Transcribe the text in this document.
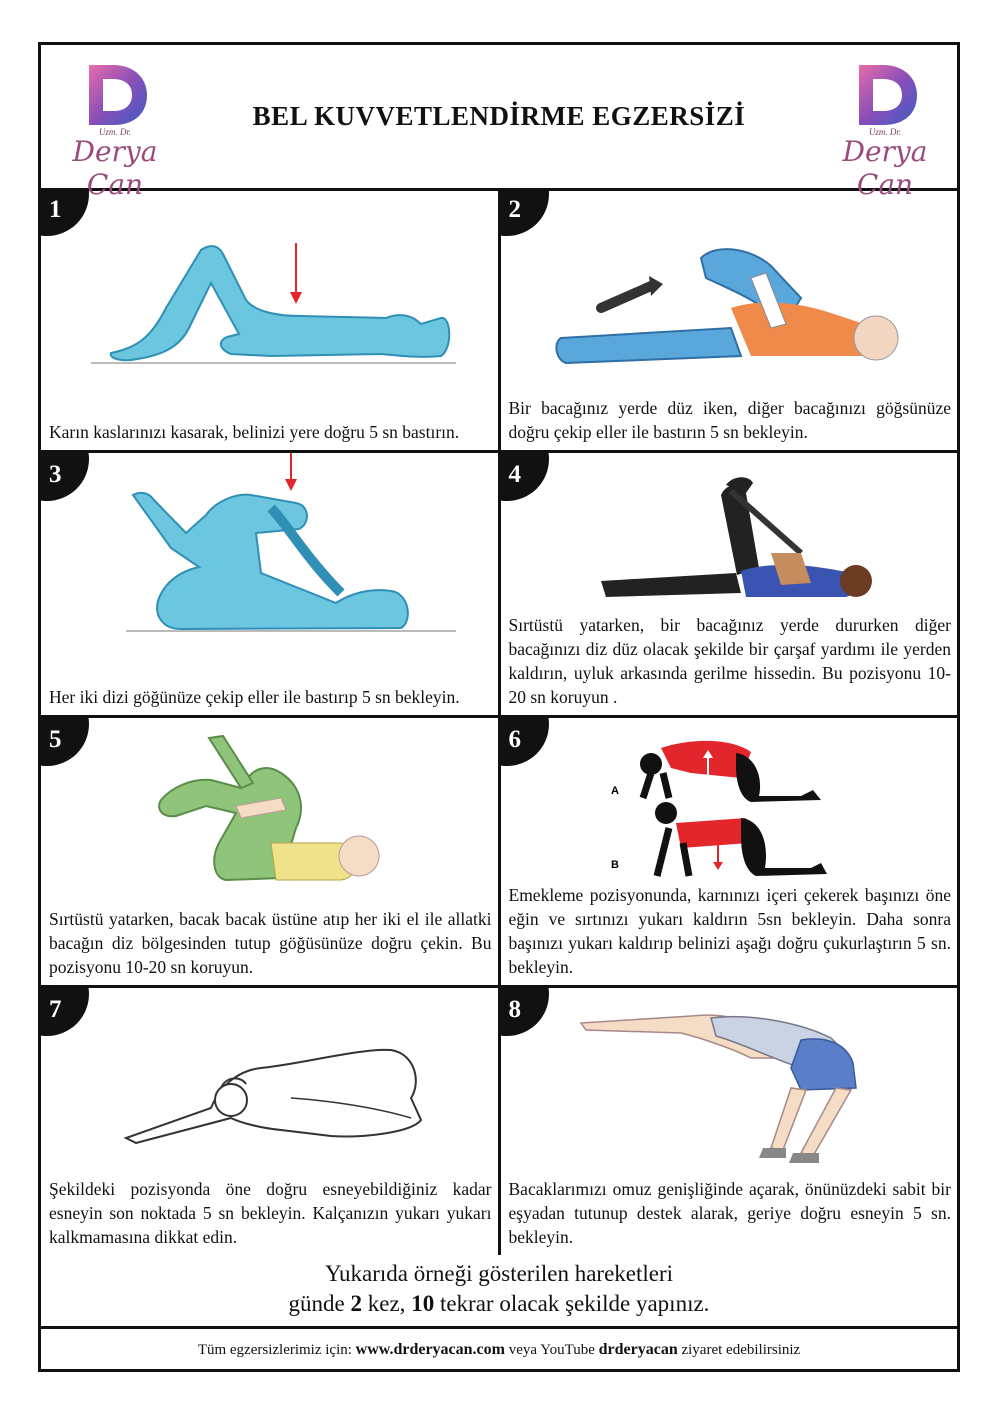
Uzm. Dr.
Derya Can
BEL KUVVETLENDİRME EGZERSİZİ
Uzm. Dr.
Derya Can
1
Karın kaslarınızı kasarak, belinizi yere doğru 5 sn bastırın.
2
Bir bacağınız yerde düz iken, diğer bacağınızı göğsünüze doğru çekip eller ile bastırın 5 sn bekleyin.
3
Her iki dizi göğünüze çekip eller ile bastırıp 5 sn bekleyin.
4
Sırtüstü yatarken, bir bacağınız yerde dururken diğer bacağınızı diz düz olacak şekilde bir çarşaf yardımı ile yerden kaldırın, uyluk arkasında gerilme hissedin. Bu pozisyonu 10-20 sn koruyun .
5
Sırtüstü yatarken, bacak bacak üstüne atıp her iki el ile allatki bacağın diz bölgesinden tutup göğüsünüze doğru çekin. Bu pozisyonu 10-20 sn koruyun.
6
A
B
Emekleme pozisyonunda, karnınızı içeri çekerek başınızı öne eğin ve sırtınızı yukarı kaldırın 5sn bekleyin. Daha sonra başınızı yukarı kaldırıp belinizi aşağı doğru çukurlaştırın 5 sn. bekleyin.
7
Şekildeki pozisyonda öne doğru esneyebildiğiniz kadar esneyin son noktada 5 sn bekleyin. Kalçanızın yukarı yukarı kalkmamasına dikkat edin.
8
Bacaklarımızı omuz genişliğinde açarak, önünüzdeki sabit bir eşyadan tutunup destek alarak, geriye doğru esneyin 5 sn. bekleyin.
Yukarıda örneği gösterilen hareketleri
günde 2 kez, 10 tekrar olacak şekilde yapınız.
Tüm egzersizlerimiz için: www.drderyacan.com veya YouTube drderyacan ziyaret edebilirsiniz
